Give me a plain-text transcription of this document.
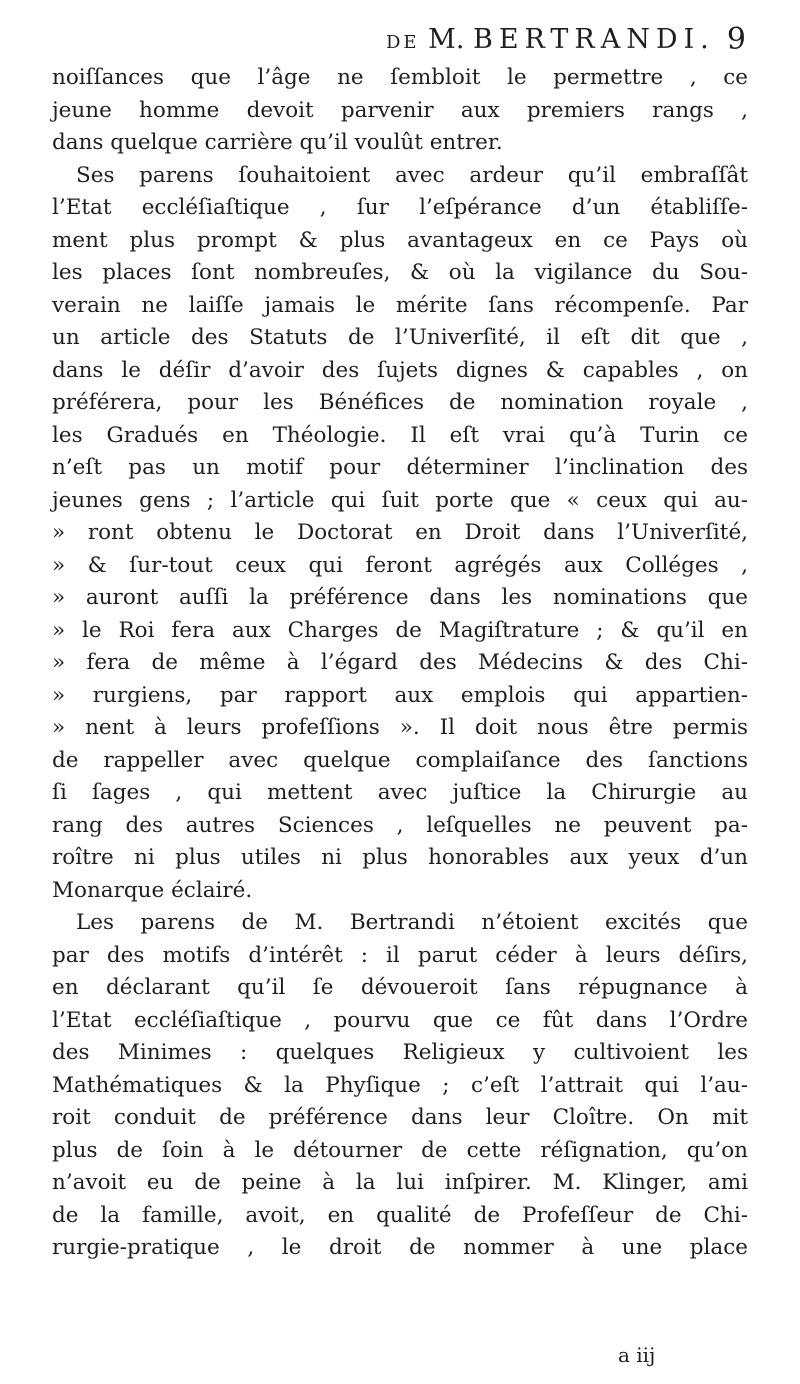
DE M. BERTRANDI. 9
noiſſances que l’âge ne ſembloit le permettre , ce
jeune homme devoit parvenir aux premiers rangs ,
dans quelque carrière qu’il voulût entrer.
Ses parens ſouhaitoient avec ardeur qu’il embraſſât
l’Etat eccléſiaſtique , ſur l’eſpérance d’un établiſſe-
ment plus prompt & plus avantageux en ce Pays où
les places ſont nombreuſes, & où la vigilance du Sou-
verain ne laiſſe jamais le mérite ſans récompenſe. Par
un article des Statuts de l’Univerſité, il eſt dit que ,
dans le déſir d’avoir des ſujets dignes & capables , on
préférera, pour les Bénéfices de nomination royale ,
les Gradués en Théologie. Il eſt vrai qu’à Turin ce
n’eſt pas un motif pour déterminer l’inclination des
jeunes gens ; l’article qui ſuit porte que « ceux qui au-
» ront obtenu le Doctorat en Droit dans l’Univerſité,
» & ſur-tout ceux qui feront agrégés aux Colléges ,
» auront auſſi la préférence dans les nominations que
» le Roi fera aux Charges de Magiſtrature ; & qu’il en
» fera de même à l’égard des Médecins & des Chi-
» rurgiens, par rapport aux emplois qui appartien-
» nent à leurs profeſſions ». Il doit nous être permis
de rappeller avec quelque complaiſance des ſanctions
ſi ſages , qui mettent avec juſtice la Chirurgie au
rang des autres Sciences , leſquelles ne peuvent pa-
roître ni plus utiles ni plus honorables aux yeux d’un
Monarque éclairé.
Les parens de M. Bertrandi n’étoient excités que
par des motifs d’intérêt : il parut céder à leurs déſirs,
en déclarant qu’il ſe dévoueroit ſans répugnance à
l’Etat eccléſiaſtique , pourvu que ce fût dans l’Ordre
des Minimes : quelques Religieux y cultivoient les
Mathématiques & la Phyſique ; c’eſt l’attrait qui l’au-
roit conduit de préférence dans leur Cloître. On mit
plus de ſoin à le détourner de cette réſignation, qu’on
n’avoit eu de peine à la lui inſpirer. M. Klinger, ami
de la famille, avoit, en qualité de Profeſſeur de Chi-
rurgie-pratique , le droit de nommer à une place
a iij
